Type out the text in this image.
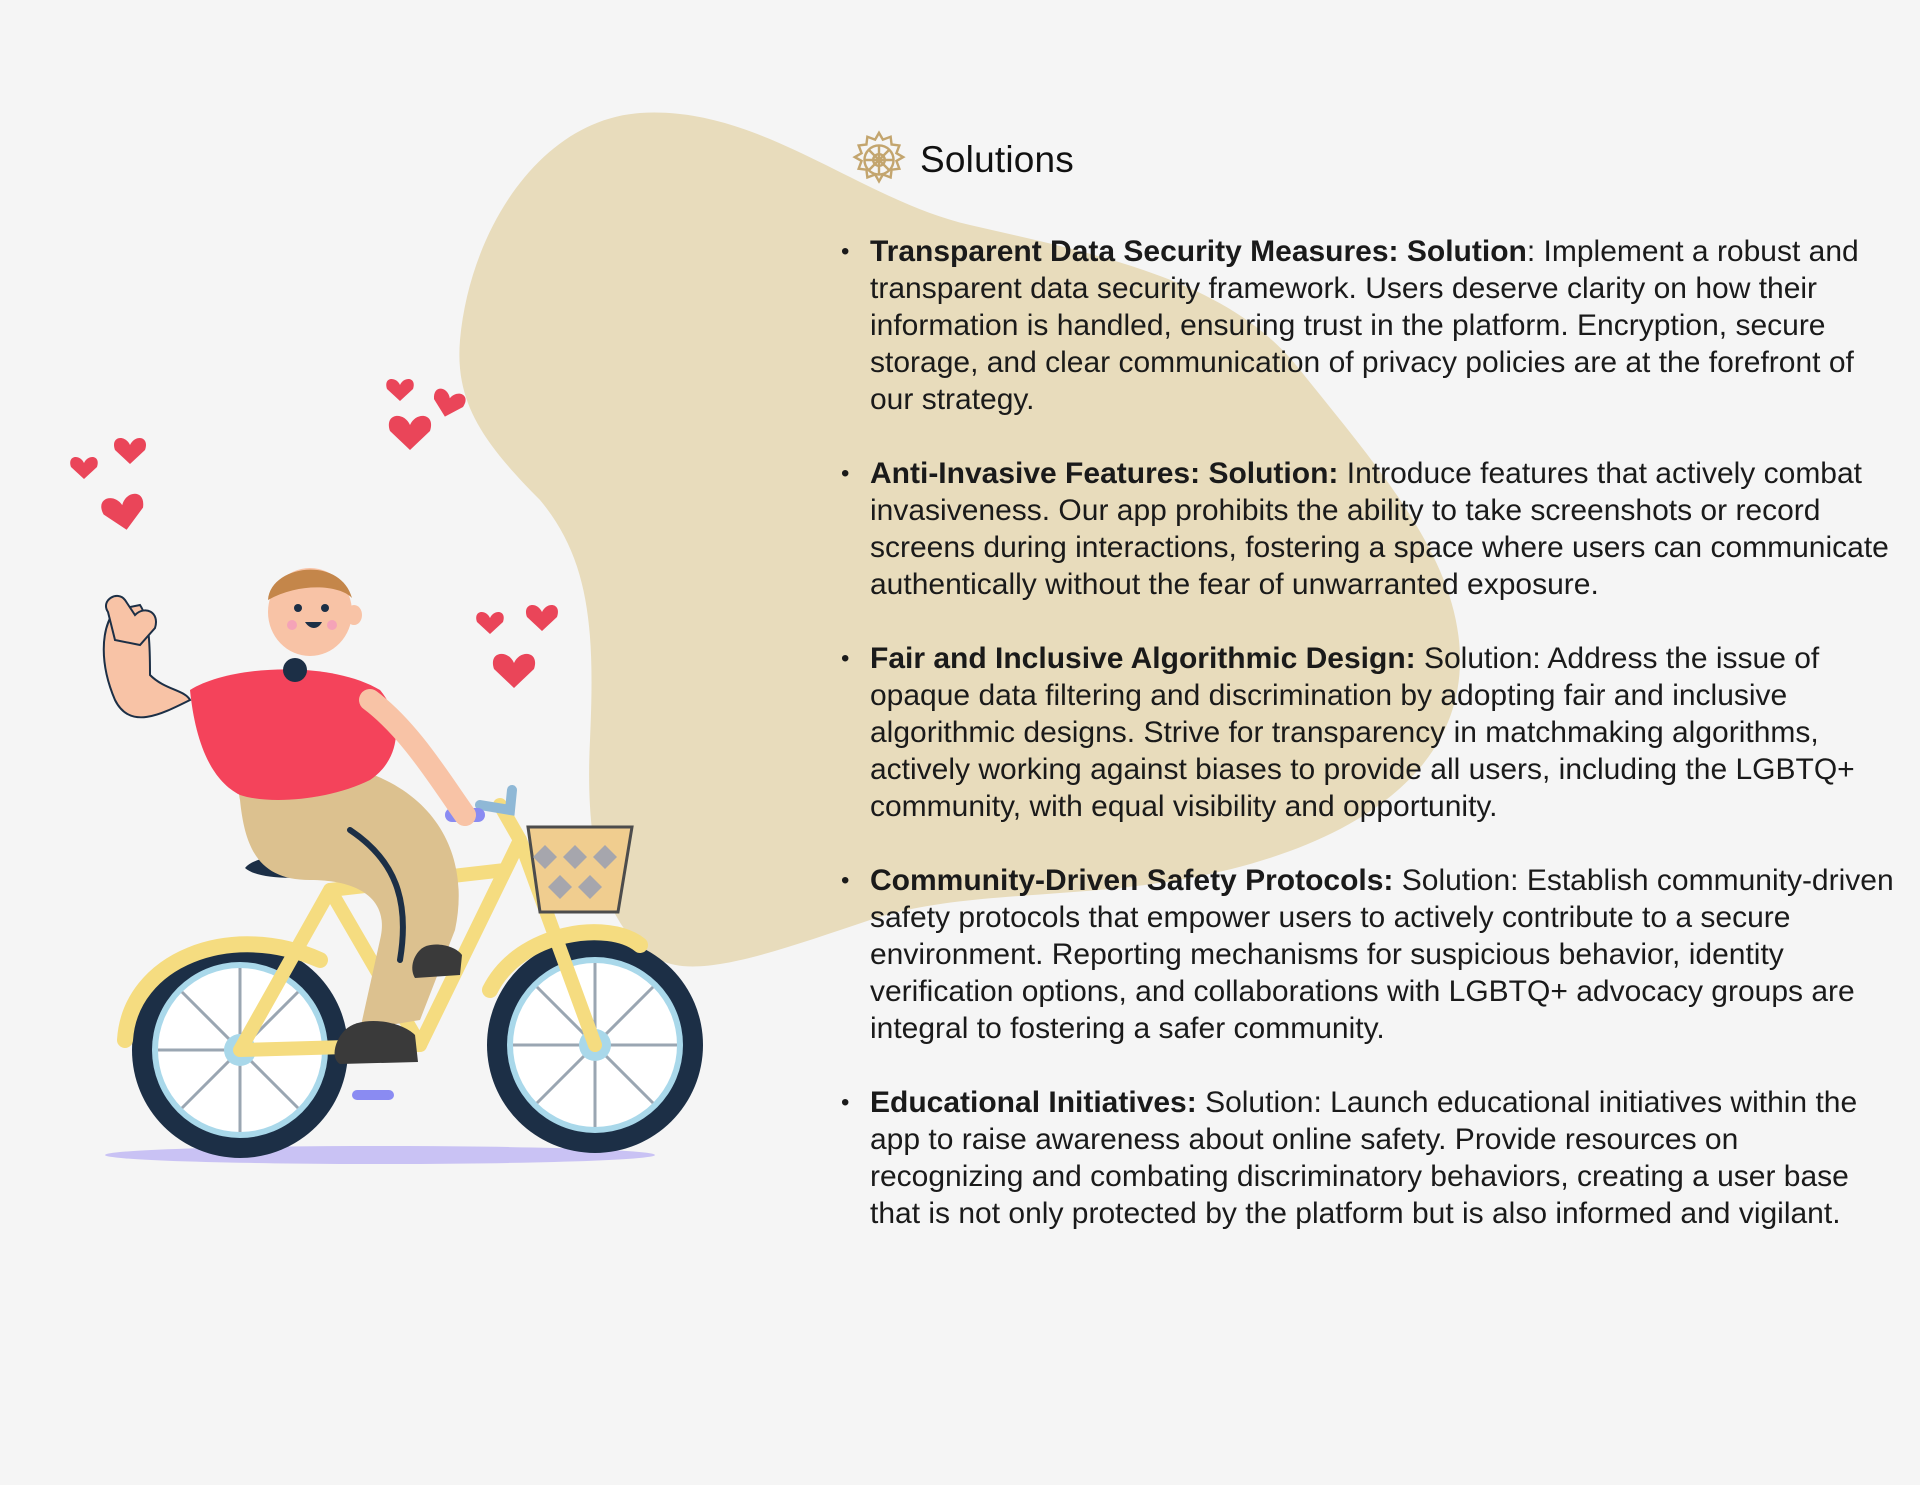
Solutions
• Transparent Data Security Measures: Solution: Implement a robust and transparent data security framework. Users deserve clarity on how their information is handled, ensuring trust in the platform. Encryption, secure storage, and clear communication of privacy policies are at the forefront of our strategy.
• Anti-Invasive Features: Solution: Introduce features that actively combat invasiveness. Our app prohibits the ability to take screenshots or record screens during interactions, fostering a space where users can communicate authentically without the fear of unwarranted exposure.
• Fair and Inclusive Algorithmic Design: Solution: Address the issue of opaque data filtering and discrimination by adopting fair and inclusive algorithmic designs. Strive for transparency in matchmaking algorithms, actively working against biases to provide all users, including the LGBTQ+ community, with equal visibility and opportunity.
• Community-Driven Safety Protocols: Solution: Establish community-driven safety protocols that empower users to actively contribute to a secure environment. Reporting mechanisms for suspicious behavior, identity verification options, and collaborations with LGBTQ+ advocacy groups are integral to fostering a safer community.
• Educational Initiatives: Solution: Launch educational initiatives within the app to raise awareness about online safety. Provide resources on recognizing and combating discriminatory behaviors, creating a user base that is not only protected by the platform but is also informed and vigilant.
